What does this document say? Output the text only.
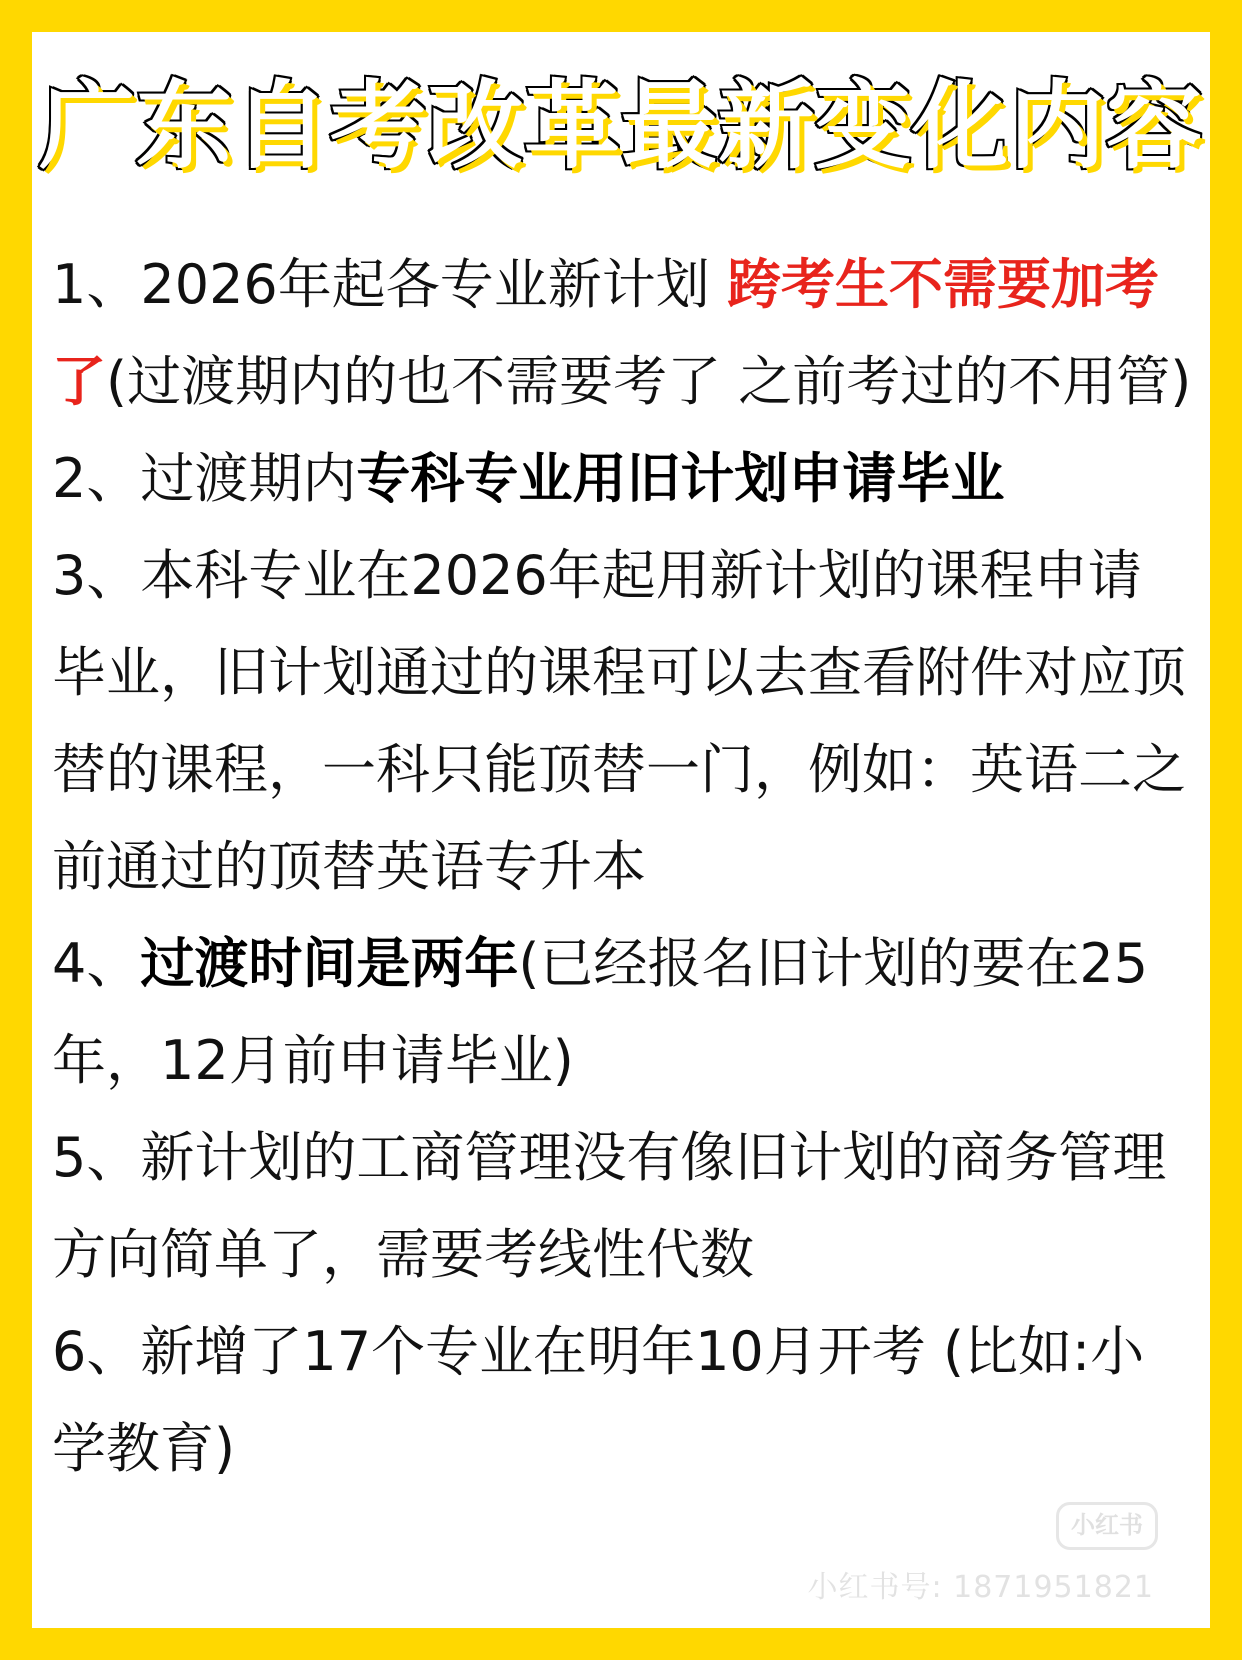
广东自考改革最新变化内容

1、2026年起各专业新计划 跨考生不需要加考了(过渡期内的也不需要考了 之前考过的不用管)

2、过渡期内专科专业用旧计划申请毕业

3、本科专业在2026年起用新计划的课程申请毕业，旧计划通过的课程可以去查看附件对应顶替的课程，一科只能顶替一门，例如：英语二之前通过的顶替英语专升本

4、过渡时间是两年(已经报名旧计划的要在25年，12月前申请毕业)

5、新计划的工商管理没有像旧计划的商务管理方向简单了，需要考线性代数

6、新增了17个专业在明年10月开考 (比如:小学教育)

小红书
小红书号: 1871951821
